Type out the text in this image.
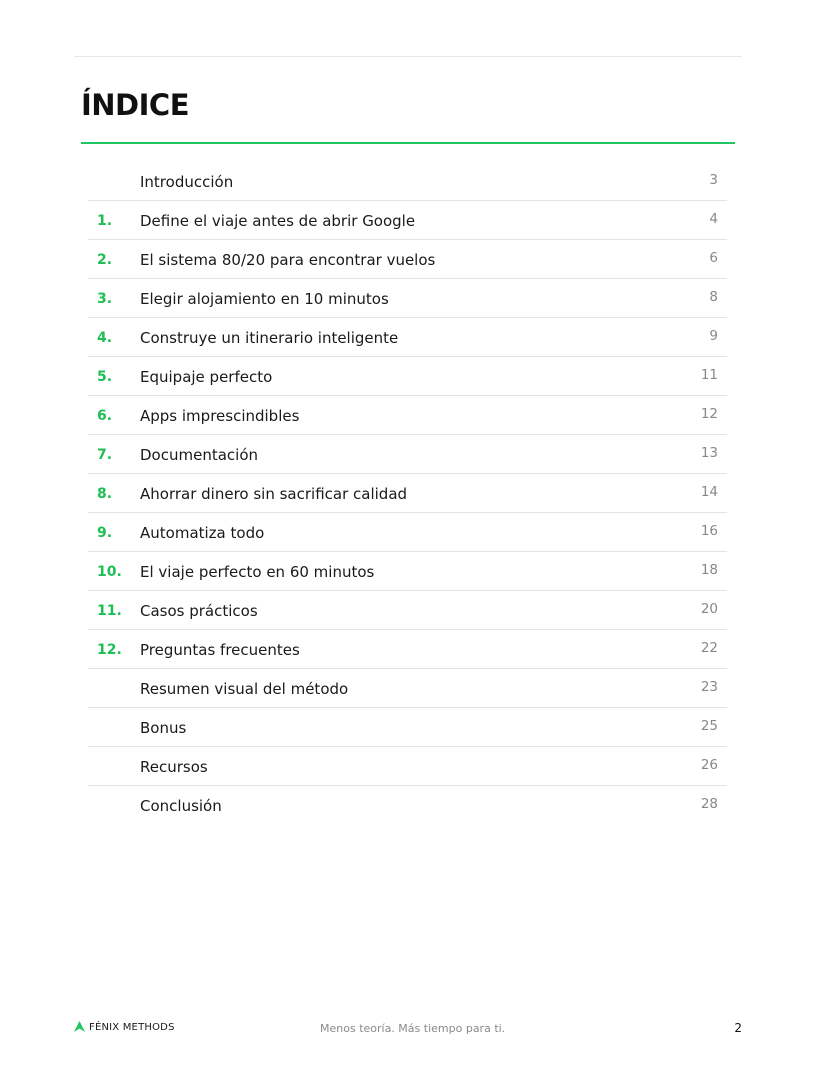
ÍNDICE
Introducción	3
1. Define el viaje antes de abrir Google	4
2. El sistema 80/20 para encontrar vuelos	6
3. Elegir alojamiento en 10 minutos	8
4. Construye un itinerario inteligente	9
5. Equipaje perfecto	11
6. Apps imprescindibles	12
7. Documentación	13
8. Ahorrar dinero sin sacrificar calidad	14
9. Automatiza todo	16
10. El viaje perfecto en 60 minutos	18
11. Casos prácticos	20
12. Preguntas frecuentes	22
Resumen visual del método	23
Bonus	25
Recursos	26
Conclusión	28
FÉNIX METHODS	Menos teoría. Más tiempo para ti.	2
